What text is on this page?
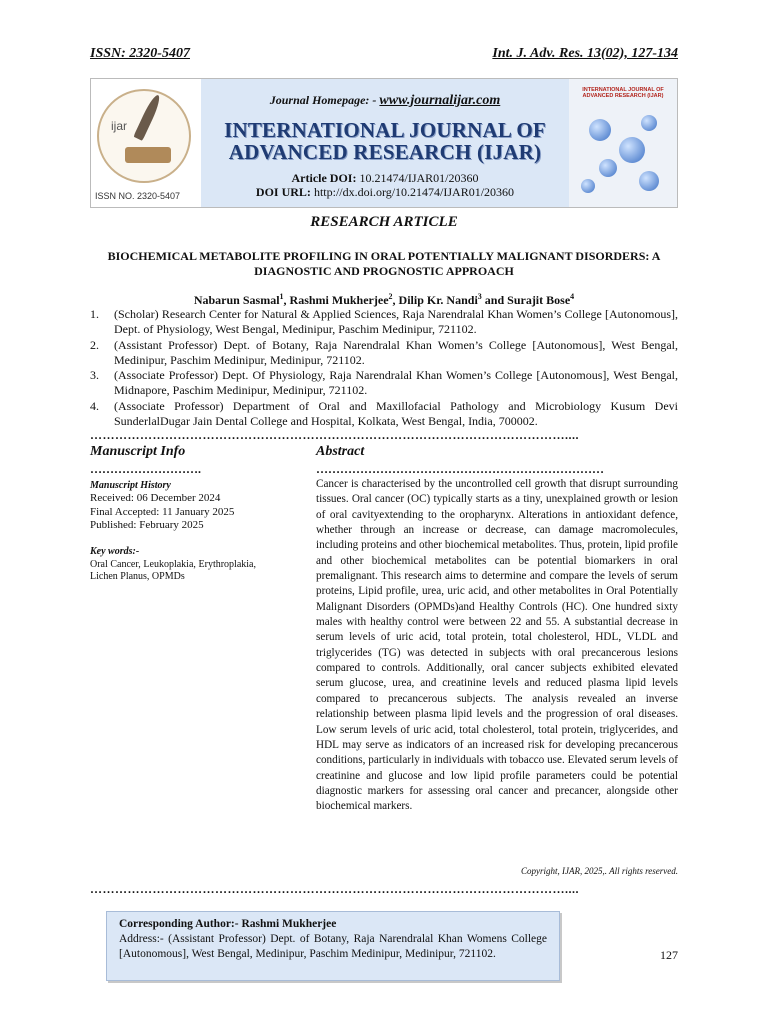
ISSN: 2320-5407	Int. J. Adv. Res. 13(02), 127-134
ijar
ISSN NO. 2320-5407
Journal Homepage: - www.journalijar.com
INTERNATIONAL JOURNAL OF
ADVANCED RESEARCH (IJAR)
Article DOI: 10.21474/IJAR01/20360
DOI URL: http://dx.doi.org/10.21474/IJAR01/20360
INTERNATIONAL JOURNAL OF ADVANCED RESEARCH (IJAR)
RESEARCH ARTICLE
BIOCHEMICAL METABOLITE PROFILING IN ORAL POTENTIALLY MALIGNANT DISORDERS: A
DIAGNOSTIC AND PROGNOSTIC APPROACH
Nabarun Sasmal$^1$, Rashmi Mukherjee$^2$, Dilip Kr. Nandi$^3$ and Surajit Bose$^4$
1.	(Scholar) Research Center for Natural & Applied Sciences, Raja Narendralal Khan Women’s College [Autonomous], Dept. of Physiology, West Bengal, Medinipur, Paschim Medinipur, 721102.
2.	(Assistant Professor) Dept. of Botany, Raja Narendralal Khan Women’s College [Autonomous], West Bengal, Medinipur, Paschim Medinipur, Medinipur, 721102.
3.	(Associate Professor) Dept. Of Physiology, Raja Narendralal Khan Women’s College [Autonomous], West Bengal, Midnapore, Paschim Medinipur, Medinipur, 721102.
4.	(Associate Professor) Department of Oral and Maxillofacial Pathology and Microbiology Kusum Devi SunderlalDugar Jain Dental College and Hospital, Kolkata, West Bengal, India, 700002.
……………………………………………………………………………………………………....
Manuscript Info	Abstract
……………………….	………………………………………………………………
Manuscript History
Received: 06 December 2024
Final Accepted: 11 January 2025
Published: February 2025
Key words:-
Oral Cancer, Leukoplakia, Erythroplakia, Lichen Planus, OPMDs
Cancer is characterised by the uncontrolled cell growth that disrupt surrounding tissues. Oral cancer (OC) typically starts as a tiny, unexplained growth or lesion of oral cavityextending to the oropharynx. Alterations in antioxidant defence, whether through an increase or decrease, can damage macromolecules, including proteins and other biochemical metabolites. Thus, protein, lipid profile and other biochemical metabolites can be potential biomarkers in oral premalignant. This research aims to determine and compare the levels of serum proteins, Lipid profile, urea, uric acid, and other metabolites in Oral Potentially Malignant Disorders (OPMDs)and Healthy Controls (HC). One hundred sixty males with healthy control were between 22 and 55. A substantial decrease in serum levels of uric acid, total protein, total cholesterol, HDL, VLDL and triglycerides (TG) was detected in subjects with oral precancerous lesions compared to controls. Additionally, oral cancer subjects exhibited elevated serum glucose, urea, and creatinine levels and reduced plasma lipid levels compared to precancerous subjects. The analysis revealed an inverse relationship between plasma lipid levels and the progression of oral diseases. Low serum levels of uric acid, total cholesterol, total protein, triglycerides, and HDL may serve as indicators of an increased risk for developing precancerous conditions, particularly in individuals with tobacco use. Elevated serum levels of creatinine and glucose and low lipid profile parameters could be potential diagnostic markers for assessing oral cancer and precancer, alongside other biochemical markers.
Copyright, IJAR, 2025,. All rights reserved.
……………………………………………………………………………………………………....
Corresponding Author:- Rashmi Mukherjee
Address:- (Assistant Professor) Dept. of Botany, Raja Narendralal Khan Womens College [Autonomous], West Bengal, Medinipur, Paschim Medinipur, Medinipur, 721102.	127
